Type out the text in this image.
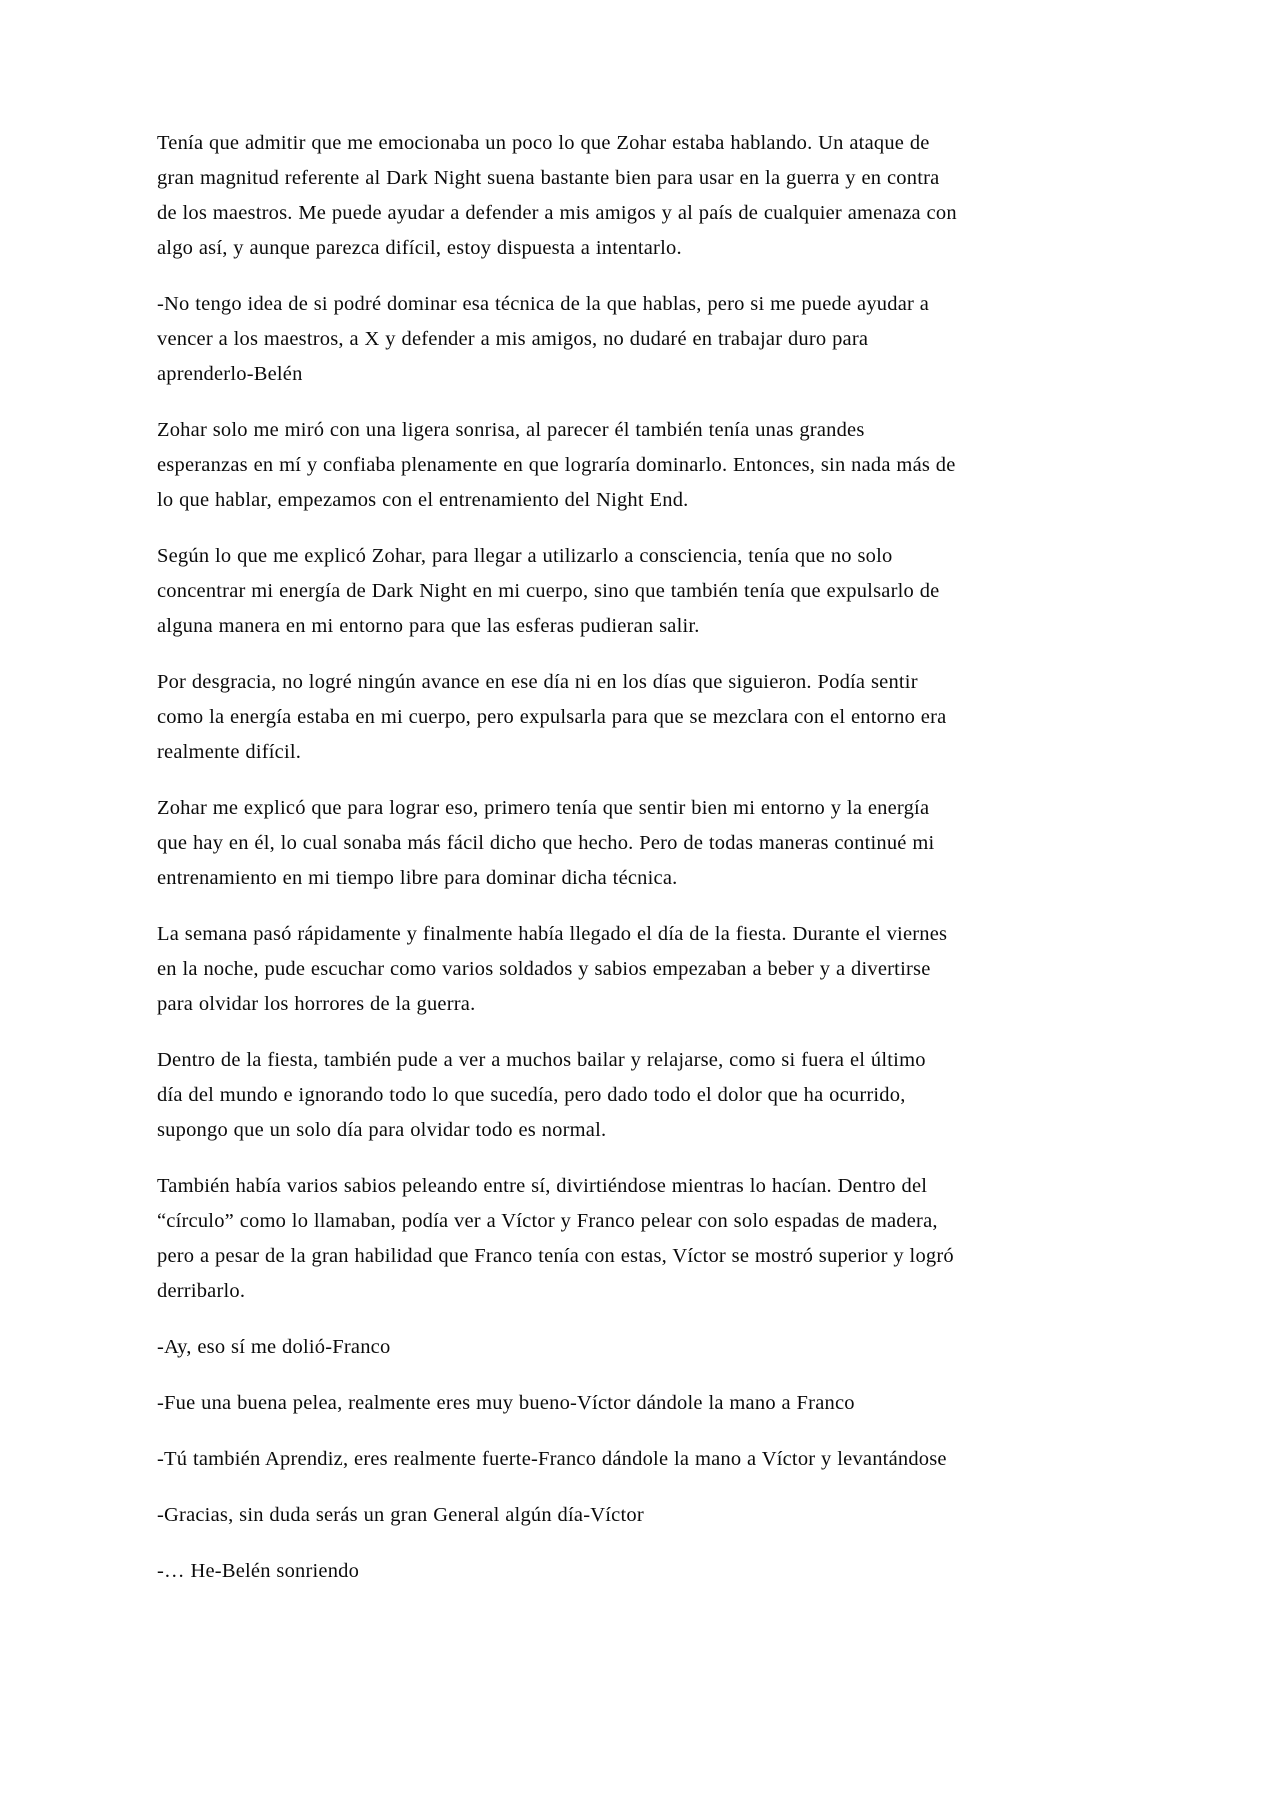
Tenía que admitir que me emocionaba un poco lo que Zohar estaba hablando. Un ataque de gran magnitud referente al Dark Night suena bastante bien para usar en la guerra y en contra de los maestros. Me puede ayudar a defender a mis amigos y al país de cualquier amenaza con algo así, y aunque parezca difícil, estoy dispuesta a intentarlo.

-No tengo idea de si podré dominar esa técnica de la que hablas, pero si me puede ayudar a vencer a los maestros, a X y defender a mis amigos, no dudaré en trabajar duro para aprenderlo-Belén

Zohar solo me miró con una ligera sonrisa, al parecer él también tenía unas grandes esperanzas en mí y confiaba plenamente en que lograría dominarlo. Entonces, sin nada más de lo que hablar, empezamos con el entrenamiento del Night End.

Según lo que me explicó Zohar, para llegar a utilizarlo a consciencia, tenía que no solo concentrar mi energía de Dark Night en mi cuerpo, sino que también tenía que expulsarlo de alguna manera en mi entorno para que las esferas pudieran salir.

Por desgracia, no logré ningún avance en ese día ni en los días que siguieron. Podía sentir como la energía estaba en mi cuerpo, pero expulsarla para que se mezclara con el entorno era realmente difícil.

Zohar me explicó que para lograr eso, primero tenía que sentir bien mi entorno y la energía que hay en él, lo cual sonaba más fácil dicho que hecho. Pero de todas maneras continué mi entrenamiento en mi tiempo libre para dominar dicha técnica.

La semana pasó rápidamente y finalmente había llegado el día de la fiesta. Durante el viernes en la noche, pude escuchar como varios soldados y sabios empezaban a beber y a divertirse para olvidar los horrores de la guerra.

Dentro de la fiesta, también pude a ver a muchos bailar y relajarse, como si fuera el último día del mundo e ignorando todo lo que sucedía, pero dado todo el dolor que ha ocurrido, supongo que un solo día para olvidar todo es normal.

También había varios sabios peleando entre sí, divirtiéndose mientras lo hacían. Dentro del “círculo” como lo llamaban, podía ver a Víctor y Franco pelear con solo espadas de madera, pero a pesar de la gran habilidad que Franco tenía con estas, Víctor se mostró superior y logró derribarlo.

-Ay, eso sí me dolió-Franco

-Fue una buena pelea, realmente eres muy bueno-Víctor dándole la mano a Franco

-Tú también Aprendiz, eres realmente fuerte-Franco dándole la mano a Víctor y levantándose

-Gracias, sin duda serás un gran General algún día-Víctor

-… He-Belén sonriendo
